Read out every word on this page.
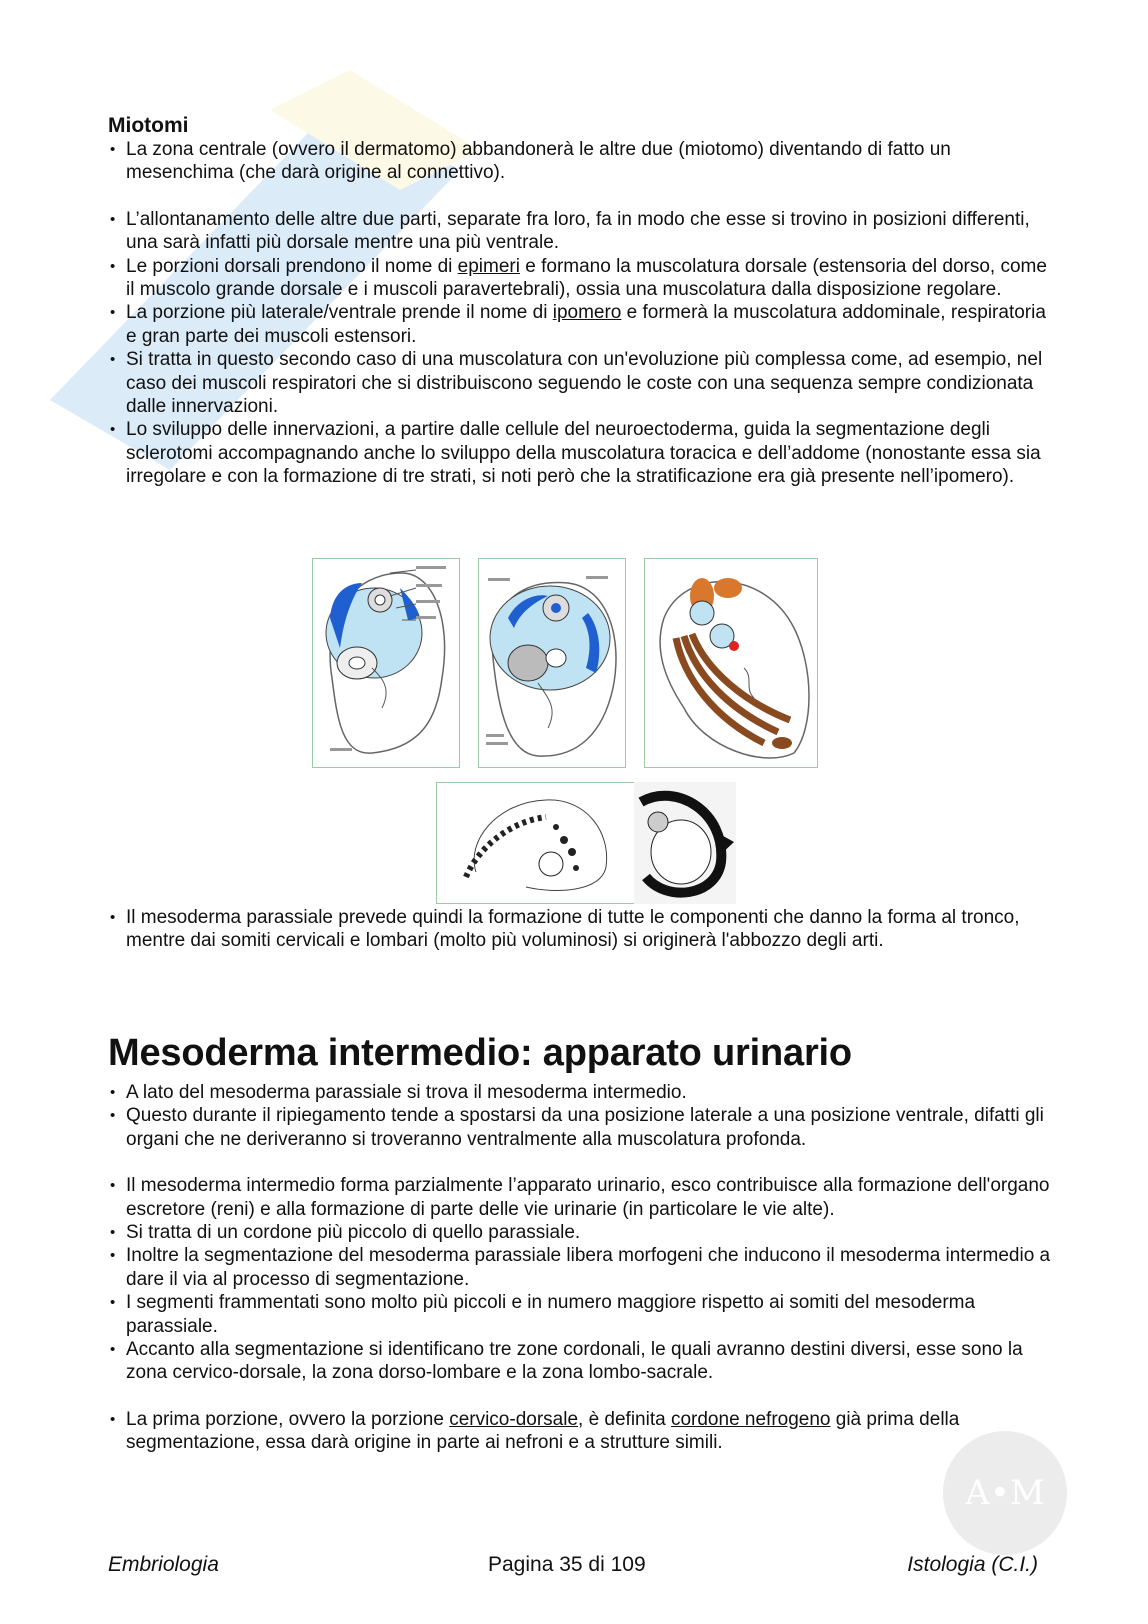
A•M
Miotomi
• La zona centrale (ovvero il dermatomo) abbandonerà le altre due (miotomo) diventando di fatto un mesenchima (che darà origine al connettivo).
• L’allontanamento delle altre due parti, separate fra loro, fa in modo che esse si trovino in posizioni differenti, una sarà infatti più dorsale mentre una più ventrale.
• Le porzioni dorsali prendono il nome di epimeri e formano la muscolatura dorsale (estensoria del dorso, come il muscolo grande dorsale e i muscoli paravertebrali), ossia una muscolatura dalla disposizione regolare.
• La porzione più laterale/ventrale prende il nome di ipomero e formerà la muscolatura addominale, respiratoria e gran parte dei muscoli estensori.
• Si tratta in questo secondo caso di una muscolatura con un'evoluzione più complessa come, ad esempio, nel caso dei muscoli respiratori che si distribuiscono seguendo le coste con una sequenza sempre condizionata dalle innervazioni.
• Lo sviluppo delle innervazioni, a partire dalle cellule del neuroectoderma, guida la segmentazione degli sclerotomi accompagnando anche lo sviluppo della muscolatura toracica e dell’addome (nonostante essa sia irregolare e con la formazione di tre strati, si noti però che la stratificazione era già presente nell’ipomero).
• Il mesoderma parassiale prevede quindi la formazione di tutte le componenti che danno la forma al tronco, mentre dai somiti cervicali e lombari (molto più voluminosi) si originerà l'abbozzo degli arti.
Mesoderma intermedio: apparato urinario
• A lato del mesoderma parassiale si trova il mesoderma intermedio.
• Questo durante il ripiegamento tende a spostarsi da una posizione laterale a una posizione ventrale, difatti gli organi che ne deriveranno si troveranno ventralmente alla muscolatura profonda.
• Il mesoderma intermedio forma parzialmente l’apparato urinario, esco contribuisce alla formazione dell'organo escretore (reni) e alla formazione di parte delle vie urinarie (in particolare le vie alte).
• Si tratta di un cordone più piccolo di quello parassiale.
• Inoltre la segmentazione del mesoderma parassiale libera morfogeni che inducono il mesoderma intermedio a dare il via al processo di segmentazione.
• I segmenti frammentati sono molto più piccoli e in numero maggiore rispetto ai somiti del mesoderma parassiale.
• Accanto alla segmentazione si identificano tre zone cordonali, le quali avranno destini diversi, esse sono la zona cervico-dorsale, la zona dorso-lombare e la zona lombo-sacrale.
• La prima porzione, ovvero la porzione cervico-dorsale, è definita cordone nefrogeno già prima della segmentazione, essa darà origine in parte ai nefroni e a strutture simili.
Embriologia	Pagina 35 di 109	Istologia (C.I.)
